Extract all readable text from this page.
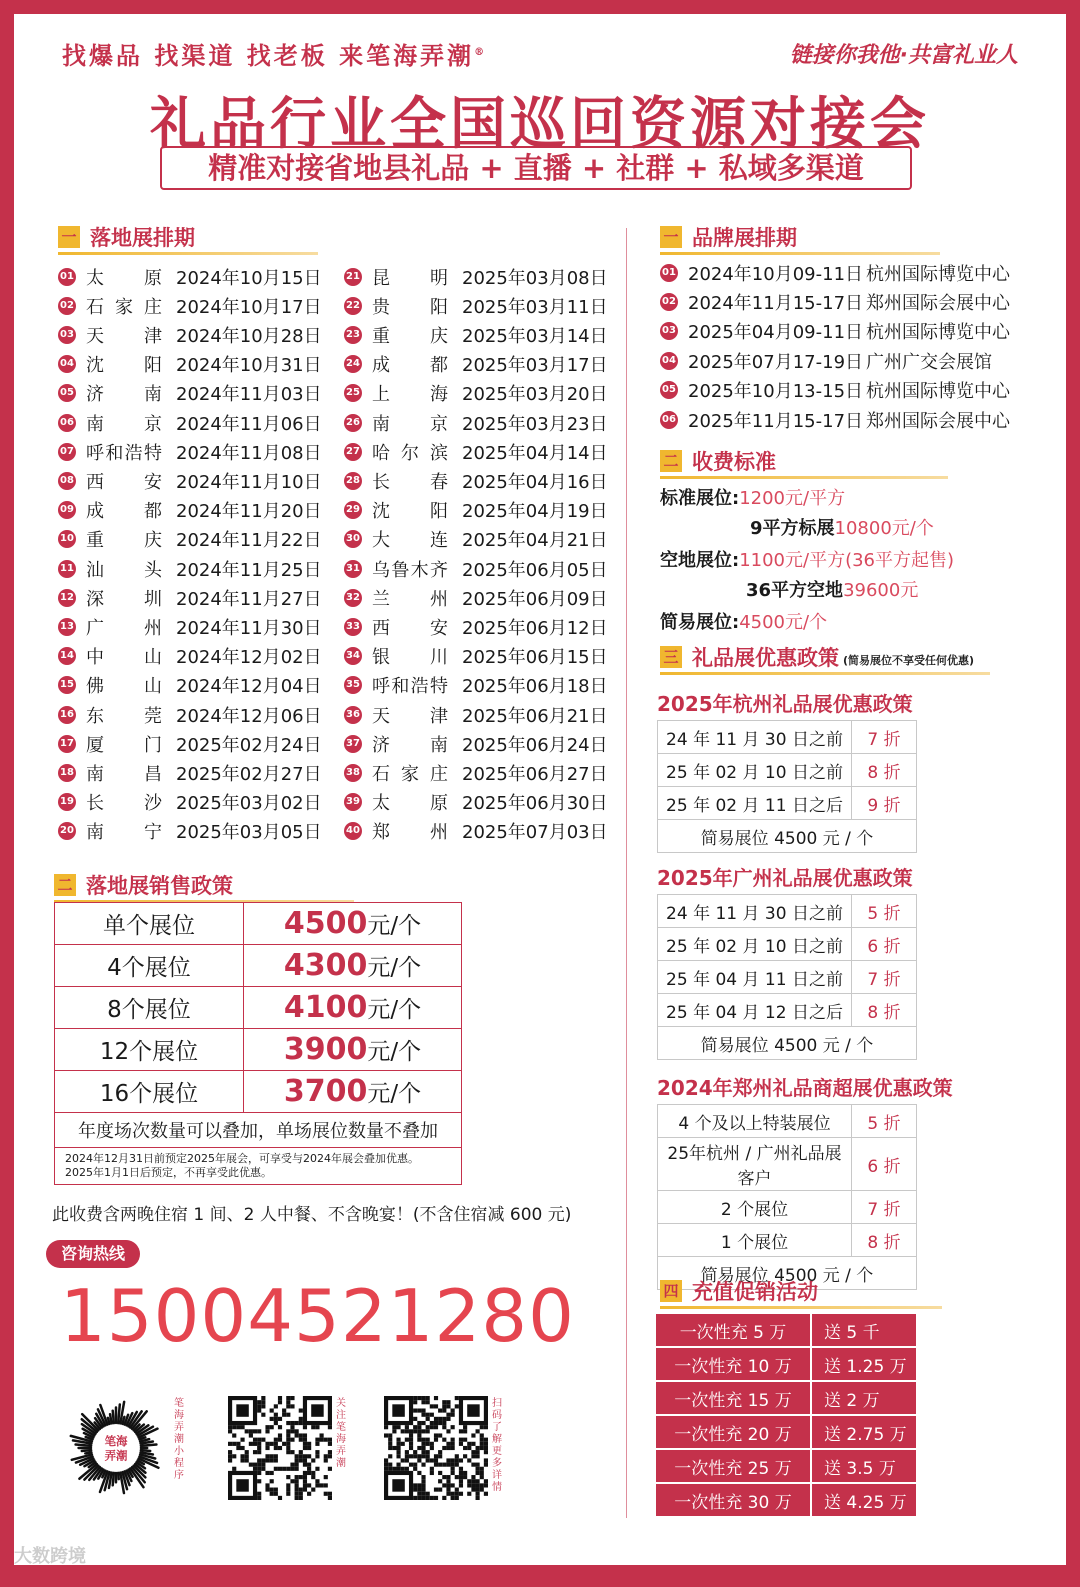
找爆品 找渠道 找老板 来笔海弄潮®	链接你我他·共富礼业人
礼品行业全国巡回资源对接会
精准对接省地县礼品 + 直播 + 社群 + 私域多渠道
一 落地展排期
01 太原 2024年10月15日
02 石家庄 2024年10月17日
03 天津 2024年10月28日
04 沈阳 2024年10月31日
05 济南 2024年11月03日
06 南京 2024年11月06日
07 呼和浩特 2024年11月08日
08 西安 2024年11月10日
09 成都 2024年11月20日
10 重庆 2024年11月22日
11 汕头 2024年11月25日
12 深圳 2024年11月27日
13 广州 2024年11月30日
14 中山 2024年12月02日
15 佛山 2024年12月04日
16 东莞 2024年12月06日
17 厦门 2025年02月24日
18 南昌 2025年02月27日
19 长沙 2025年03月02日
20 南宁 2025年03月05日
21 昆明 2025年03月08日
22 贵阳 2025年03月11日
23 重庆 2025年03月14日
24 成都 2025年03月17日
25 上海 2025年03月20日
26 南京 2025年03月23日
27 哈尔滨 2025年04月14日
28 长春 2025年04月16日
29 沈阳 2025年04月19日
30 大连 2025年04月21日
31 乌鲁木齐 2025年06月05日
32 兰州 2025年06月09日
33 西安 2025年06月12日
34 银川 2025年06月15日
35 呼和浩特 2025年06月18日
36 天津 2025年06月21日
37 济南 2025年06月24日
38 石家庄 2025年06月27日
39 太原 2025年06月30日
40 郑州 2025年07月03日
二 落地展销售政策
单个展位	4500元/个
4个展位	4300元/个
8个展位	4100元/个
12个展位	3900元/个
16个展位	3700元/个
年度场次数量可以叠加，单场展位数量不叠加	

2024年12月31日前预定2025年展会，可享受与2024年展会叠加优惠。
2025年1月1日后预定，不再享受此优惠。	
此收费含两晚住宿 1 间、2 人中餐、不含晚宴！(不含住宿减 600 元)
咨询热线
15004521280
笔海
弄潮
笔海弄潮小程序
关注笔海弄潮
扫码了解更多详情
一 品牌展排期
01 2024年10月09-11日 杭州国际博览中心
02 2024年11月15-17日 郑州国际会展中心
03 2025年04月09-11日 杭州国际博览中心
04 2025年07月17-19日 广州广交会展馆
05 2025年10月13-15日 杭州国际博览中心
06 2025年11月15-17日 郑州国际会展中心
二 收费标准
标准展位:1200元/平方
9平方标展10800元/个
空地展位:1100元/平方(36平方起售)
36平方空地39600元
简易展位:4500元/个
三 礼品展优惠政策 (简易展位不享受任何优惠)
2025年杭州礼品展优惠政策
24 年 11 月 30 日之前	7 折
25 年 02 月 10 日之前	8 折
25 年 02 月 11 日之后	9 折
简易展位 4500 元 / 个	
2025年广州礼品展优惠政策
24 年 11 月 30 日之前	5 折
25 年 02 月 10 日之前	6 折
25 年 04 月 11 日之前	7 折
25 年 04 月 12 日之后	8 折
简易展位 4500 元 / 个	
2024年郑州礼品商超展优惠政策
4 个及以上特装展位	5 折
25年杭州 / 广州礼品展客户	6 折
2 个展位	7 折
1 个展位	8 折
简易展位 4500 元 / 个	
四 充值促销活动
一次性充 5 万	送 5 千
一次性充 10 万	送 1.25 万
一次性充 15 万	送 2 万
一次性充 20 万	送 2.75 万
一次性充 25 万	送 3.5 万
一次性充 30 万	送 4.25 万
大数跨境
